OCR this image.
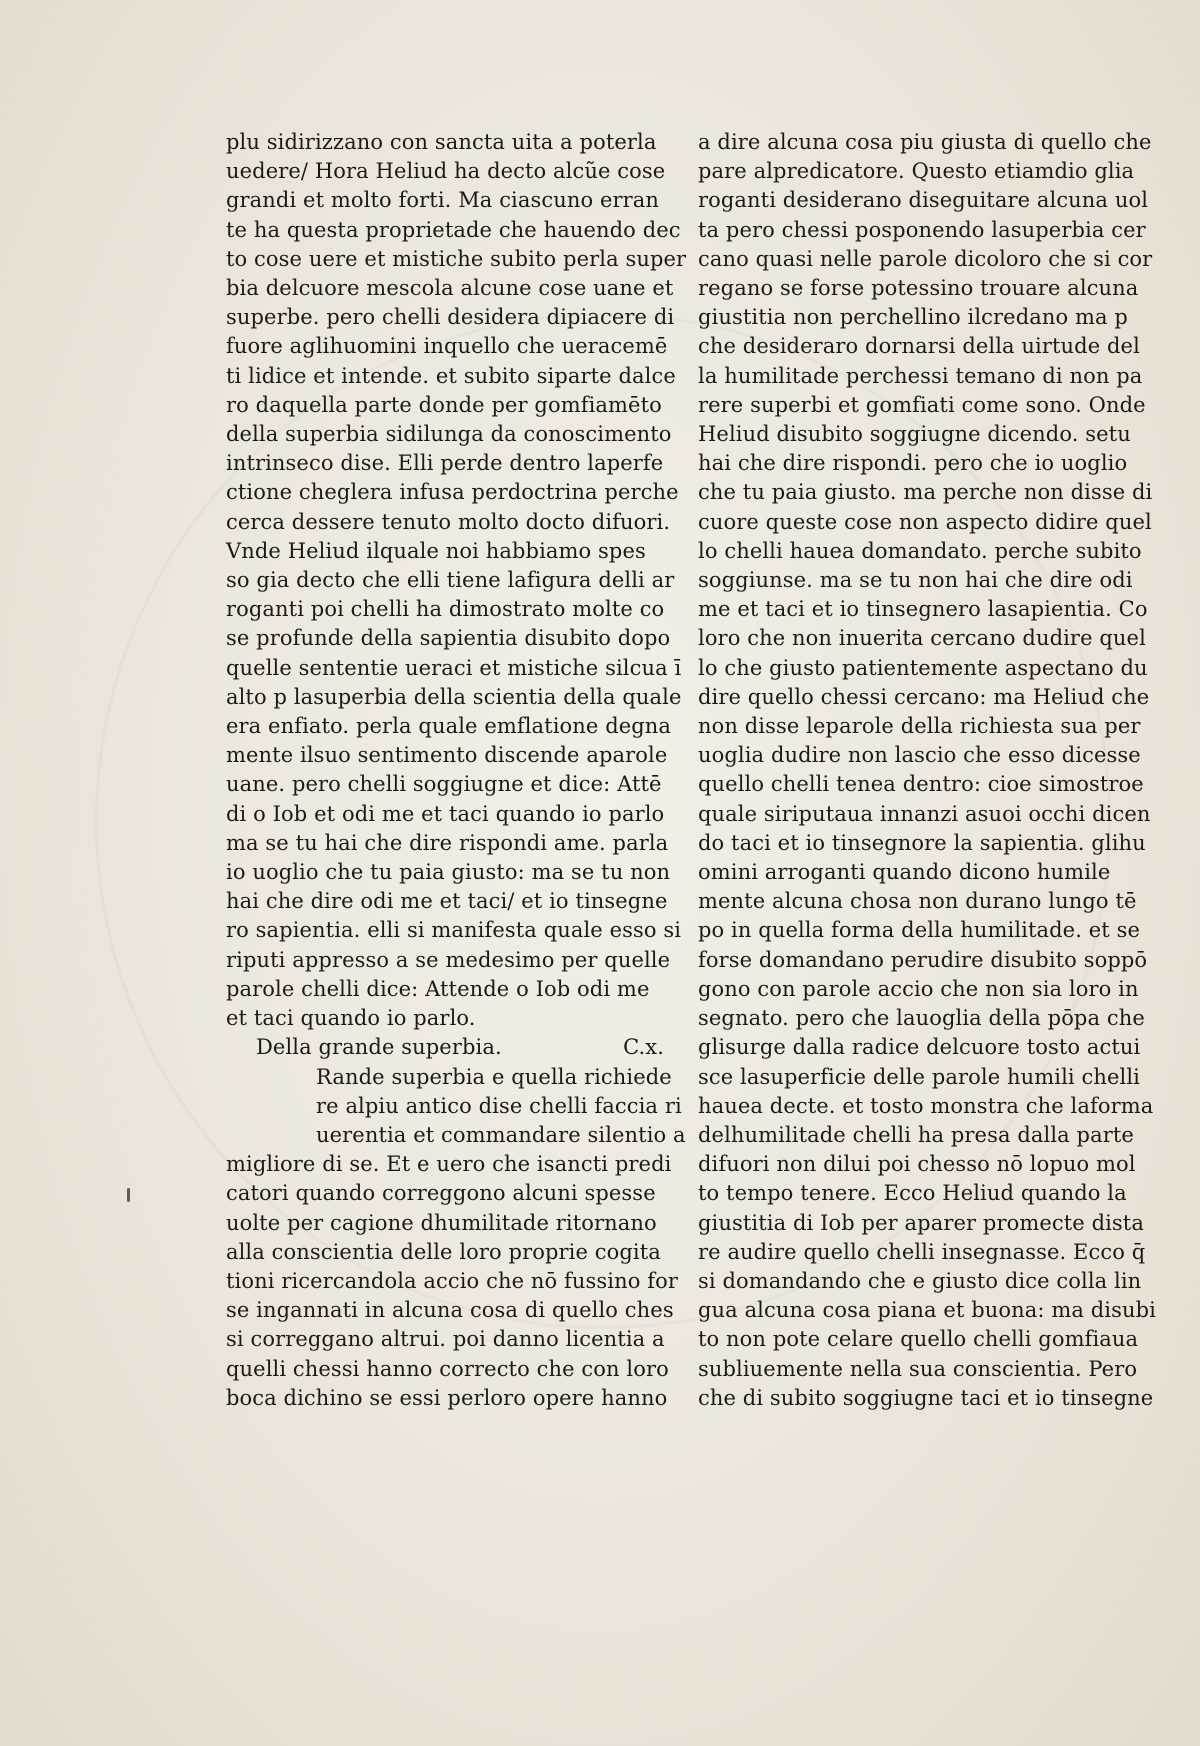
plu sidirizzano con sancta uita a poterla
uedere/ Hora Heliud ha decto alcũe cose
grandi et molto forti. Ma ciascuno erran
te ha questa proprietade che hauendo dec
to cose uere et mistiche subito perla super
bia delcuore mescola alcune cose uane et
superbe. pero chelli desidera dipiacere di
fuore aglihuomini inquello che ueracemē
ti lidice et intende. et subito siparte dalce
ro daquella parte donde per gomfiamēto
della superbia sidilunga da conoscimento
intrinseco dise. Elli perde dentro laperfe
ctione cheglera infusa perdoctrina perche
cerca dessere tenuto molto docto difuori.
Vnde Heliud ilquale noi habbiamo spes
so gia decto che elli tiene lafigura delli ar
roganti poi chelli ha dimostrato molte co
se profunde della sapientia disubito dopo
quelle sententie ueraci et mistiche silcua ī
alto p lasuperbia della scientia della quale
era enfiato. perla quale emflatione degna
mente ilsuo sentimento discende aparole
uane. pero chelli soggiugne et dice: Attē
di o Iob et odi me et taci quando io parlo
ma se tu hai che dire rispondi ame. parla
io uoglio che tu paia giusto: ma se tu non
hai che dire odi me et taci/ et io tinsegne
ro sapientia. elli si manifesta quale esso si
riputi appresso a se medesimo per quelle
parole chelli dice: Attende o Iob odi me
et taci quando io parlo.
Della grande superbia.	C.x.
Rande superbia e quella richiede
re alpiu antico dise chelli faccia ri
uerentia et commandare silentio a
migliore di se. Et e uero che isancti predi
catori quando correggono alcuni spesse
uolte per cagione dhumilitade ritornano
alla conscientia delle loro proprie cogita
tioni ricercandola accio che nō fussino for
se ingannati in alcuna cosa di quello ches
si correggano altrui. poi danno licentia a
quelli chessi hanno correcto che con loro
boca dichino se essi perloro opere hanno
a dire alcuna cosa piu giusta di quello che
pare alpredicatore. Questo etiamdio glia
roganti desiderano diseguitare alcuna uol
ta pero chessi posponendo lasuperbia cer
cano quasi nelle parole dicoloro che si cor
regano se forse potessino trouare alcuna
giustitia non perchellino ilcredano ma p
che desideraro dornarsi della uirtude del
la humilitade perchessi temano di non pa
rere superbi et gomfiati come sono. Onde
Heliud disubito soggiugne dicendo. setu
hai che dire rispondi. pero che io uoglio
che tu paia giusto. ma perche non disse di
cuore queste cose non aspecto didire quel
lo chelli hauea domandato. perche subito
soggiunse. ma se tu non hai che dire odi
me et taci et io tinsegnero lasapientia. Co
loro che non inuerita cercano dudire quel
lo che giusto patientemente aspectano du
dire quello chessi cercano: ma Heliud che
non disse leparole della richiesta sua per
uoglia dudire non lascio che esso dicesse
quello chelli tenea dentro: cioe simostroe
quale siriputaua innanzi asuoi occhi dicen
do taci et io tinsegnore la sapientia. glihu
omini arroganti quando dicono humile
mente alcuna chosa non durano lungo tē
po in quella forma della humilitade. et se
forse domandano perudire disubito soppō
gono con parole accio che non sia loro in
segnato. pero che lauoglia della pōpa che
glisurge dalla radice delcuore tosto actui
sce lasuperficie delle parole humili chelli
hauea decte. et tosto monstra che laforma
delhumilitade chelli ha presa dalla parte
difuori non dilui poi chesso nō lopuo mol
to tempo tenere. Ecco Heliud quando la
giustitia di Iob per aparer promecte dista
re audire quello chelli insegnasse. Ecco q̄
si domandando che e giusto dice colla lin
gua alcuna cosa piana et buona: ma disubi
to non pote celare quello chelli gomfiaua
subliuemente nella sua conscientia. Pero
che di subito soggiugne taci et io tinsegne
